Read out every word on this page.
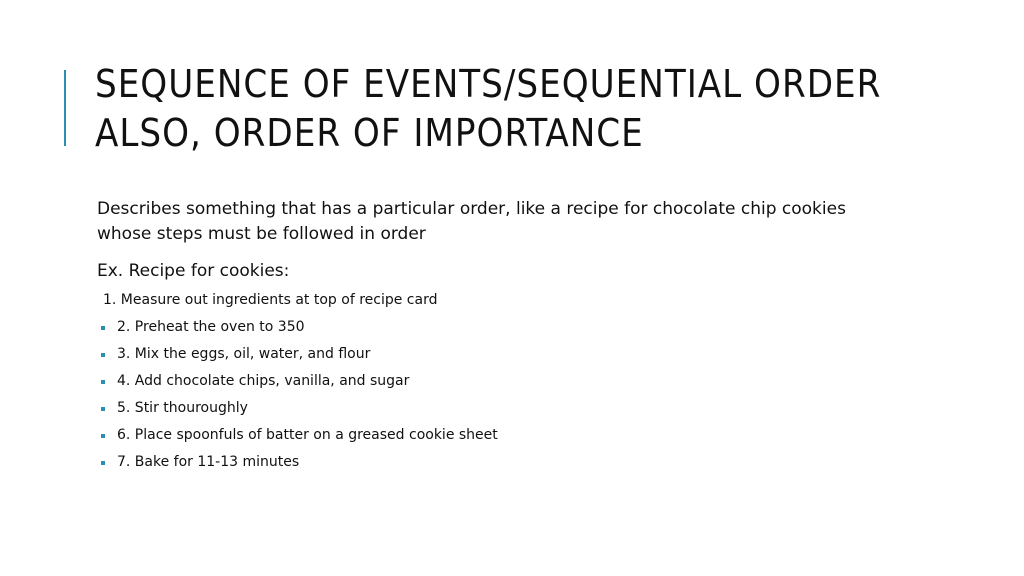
SEQUENCE OF EVENTS/SEQUENTIAL ORDER
ALSO, ORDER OF IMPORTANCE

Describes something that has a particular order, like a recipe for chocolate chip cookies whose steps must be followed in order

Ex. Recipe for cookies:

1. Measure out ingredients at top of recipe card
2. Preheat the oven to 350
3. Mix the eggs, oil, water, and flour
4. Add chocolate chips, vanilla, and sugar
5. Stir thouroughly
6. Place spoonfuls of batter on a greased cookie sheet
7. Bake for 11-13 minutes
